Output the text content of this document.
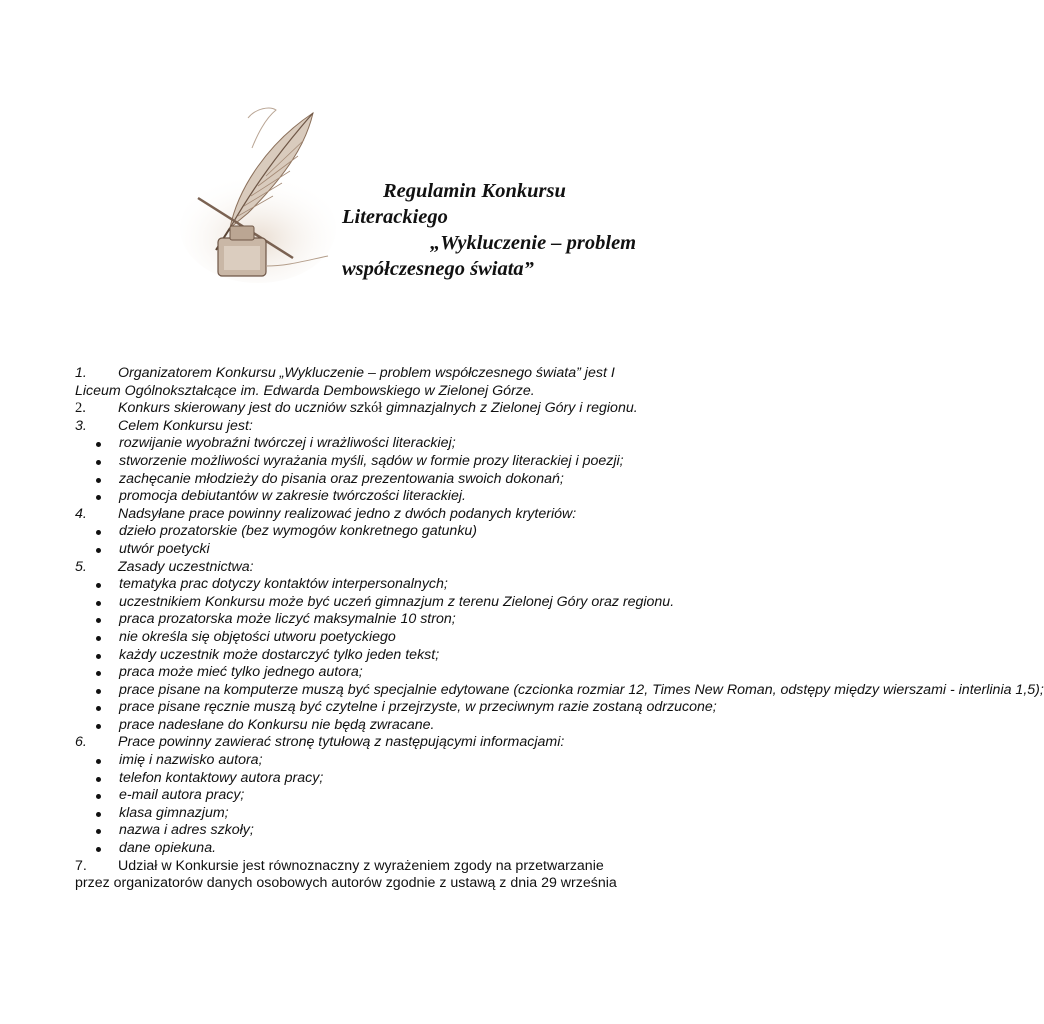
Regulamin Konkursu
Literackiego
„Wykluczenie – problem
współczesnego świata”
1. Organizatorem Konkursu „Wykluczenie – problem współczesnego świata” jest I
Liceum Ogólnokształcące im. Edwarda Dembowskiego w Zielonej Górze.
2. Konkurs skierowany jest do uczniów szkół gimnazjalnych z Zielonej Góry i regionu.
3. Celem Konkursu jest:
rozwijanie wyobraźni twórczej i wrażliwości literackiej;
stworzenie możliwości wyrażania myśli, sądów w formie prozy literackiej i poezji;
zachęcanie młodzieży do pisania oraz prezentowania swoich dokonań;
promocja debiutantów w zakresie twórczości literackiej.
4. Nadsyłane prace powinny realizować jedno z dwóch podanych kryteriów:
dzieło prozatorskie (bez wymogów konkretnego gatunku)
utwór poetycki
5. Zasady uczestnictwa:
tematyka prac dotyczy kontaktów interpersonalnych;
uczestnikiem Konkursu może być uczeń gimnazjum z terenu Zielonej Góry oraz regionu.
praca prozatorska może liczyć maksymalnie 10 stron;
nie określa się objętości utworu poetyckiego
każdy uczestnik może dostarczyć tylko jeden tekst;
praca może mieć tylko jednego autora;
prace pisane na komputerze muszą być specjalnie edytowane (czcionka rozmiar 12, Times New Roman, odstępy między wierszami - interlinia 1,5);
prace pisane ręcznie muszą być czytelne i przejrzyste, w przeciwnym razie zostaną odrzucone;
prace nadesłane do Konkursu nie będą zwracane.
6. Prace powinny zawierać stronę tytułową z następującymi informacjami:
imię i nazwisko autora;
telefon kontaktowy autora pracy;
e-mail autora pracy;
klasa gimnazjum;
nazwa i adres szkoły;
dane opiekuna.
7. Udział w Konkursie jest równoznaczny z wyrażeniem zgody na przetwarzanie
przez organizatorów danych osobowych autorów zgodnie z ustawą z dnia 29 września
